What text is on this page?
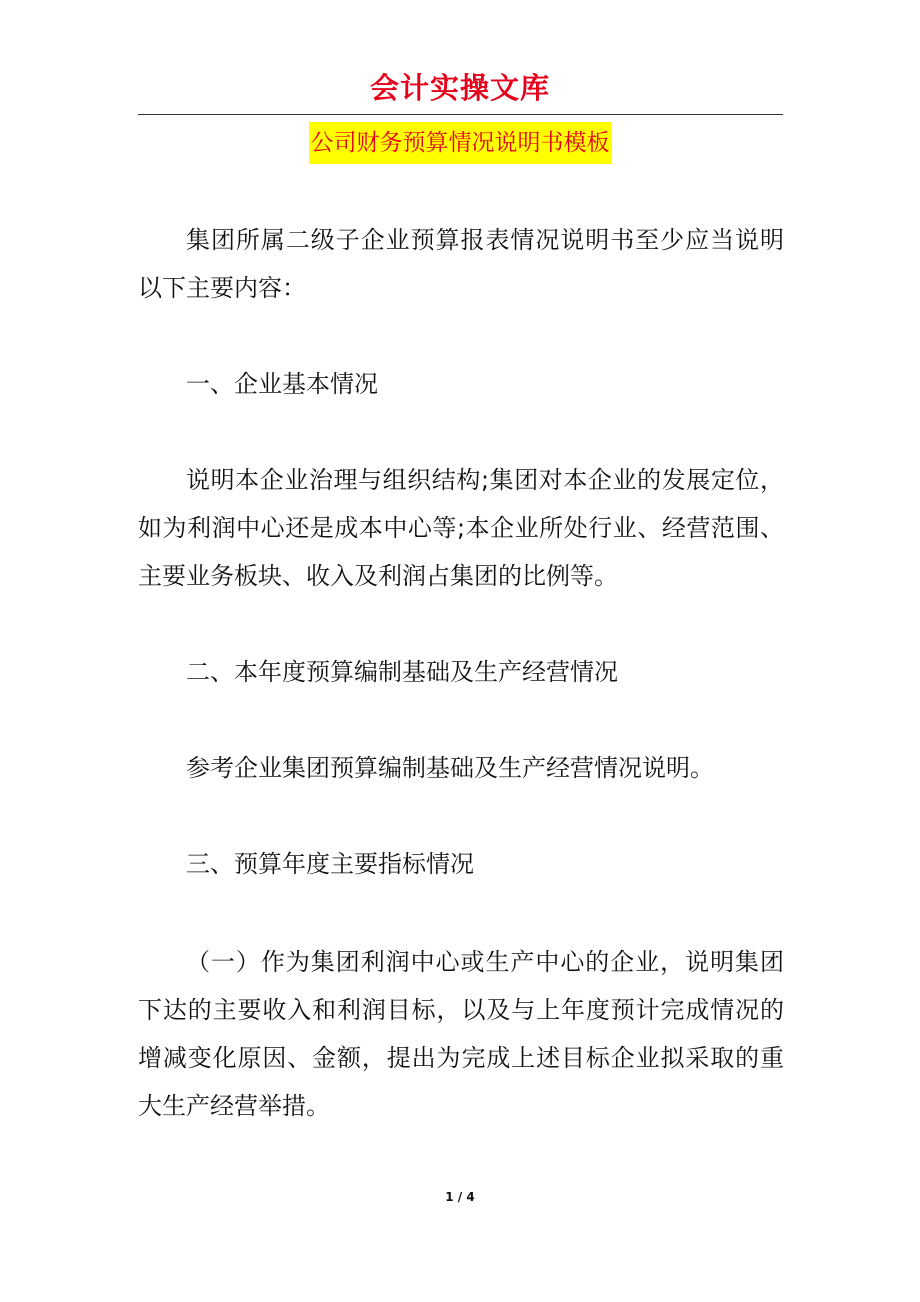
会计实操文库
公司财务预算情况说明书模板

集团所属二级子企业预算报表情况说明书至少应当说明以下主要内容：

一、企业基本情况

说明本企业治理与组织结构;集团对本企业的发展定位，如为利润中心还是成本中心等;本企业所处行业、经营范围、主要业务板块、收入及利润占集团的比例等。

二、本年度预算编制基础及生产经营情况

参考企业集团预算编制基础及生产经营情况说明。

三、预算年度主要指标情况

（一）作为集团利润中心或生产中心的企业，说明集团下达的主要收入和利润目标，以及与上年度预计完成情况的增减变化原因、金额，提出为完成上述目标企业拟采取的重大生产经营举措。

1 / 4
